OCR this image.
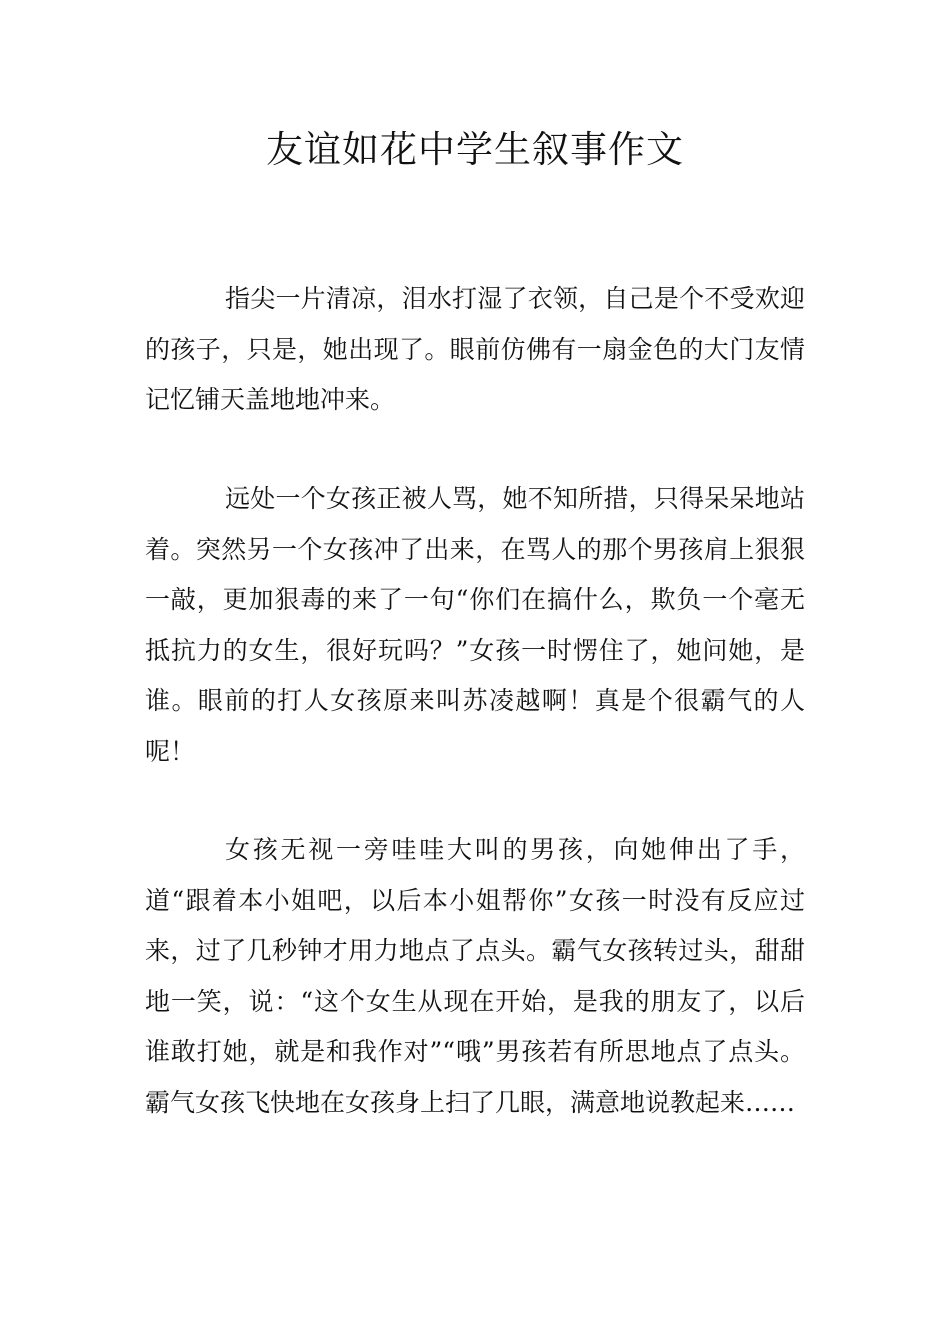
友谊如花中学生叙事作文

指尖一片清凉，泪水打湿了衣领，自己是个不受欢迎的孩子，只是，她出现了。眼前仿佛有一扇金色的大门友情记忆铺天盖地地冲来。

远处一个女孩正被人骂，她不知所措，只得呆呆地站着。突然另一个女孩冲了出来，在骂人的那个男孩肩上狠狠一敲，更加狠毒的来了一句“你们在搞什么，欺负一个毫无抵抗力的女生，很好玩吗？”女孩一时愣住了，她问她，是谁。眼前的打人女孩原来叫苏凌越啊！真是个很霸气的人呢！

女孩无视一旁哇哇大叫的男孩，向她伸出了手，道“跟着本小姐吧，以后本小姐帮你”女孩一时没有反应过来，过了几秒钟才用力地点了点头。霸气女孩转过头，甜甜地一笑，说：“这个女生从现在开始，是我的朋友了，以后谁敢打她，就是和我作对”“哦”男孩若有所思地点了点头。霸气女孩飞快地在女孩身上扫了几眼，满意地说教起来……
